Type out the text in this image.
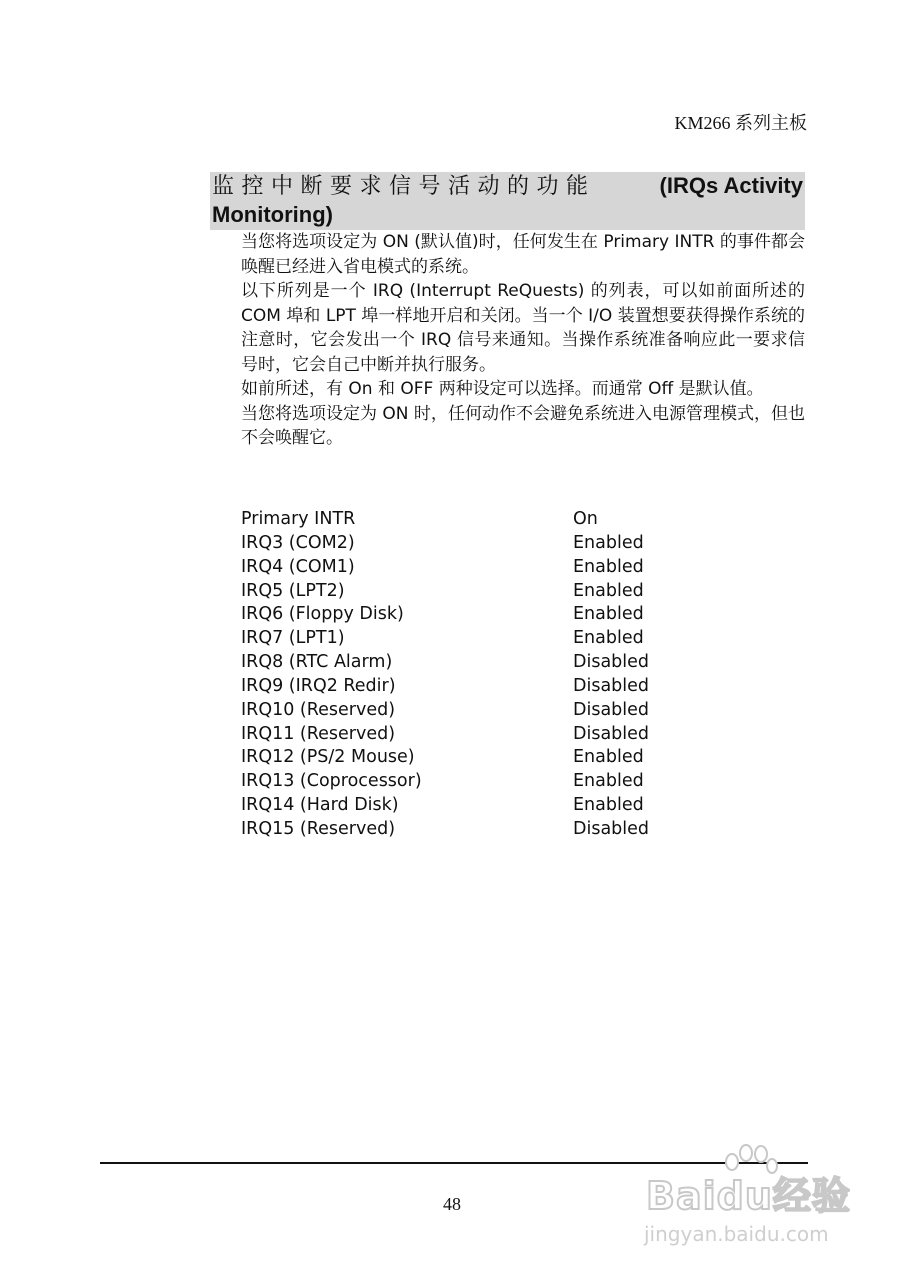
KM266 系列主板
监控中断要求信号活动的功能	(IRQs Activity
Monitoring)

当您将选项设定为 ON (默认值)时，任何发生在 Primary INTR 的事件都会唤醒已经进入省电模式的系统。

以下所列是一个 IRQ (Interrupt ReQuests) 的列表，可以如前面所述的 COM 埠和 LPT 埠一样地开启和关闭。当一个 I/O 装置想要获得操作系统的注意时，它会发出一个 IRQ 信号来通知。当操作系统准备响应此一要求信号时，它会自己中断并执行服务。

如前所述，有 On 和 OFF 两种设定可以选择。而通常 Off 是默认值。

当您将选项设定为 ON 时，任何动作不会避免系统进入电源管理模式，但也不会唤醒它。

Primary INTR	On
IRQ3 (COM2)	Enabled
IRQ4 (COM1)	Enabled
IRQ5 (LPT2)	Enabled
IRQ6 (Floppy Disk)	Enabled
IRQ7 (LPT1)	Enabled
IRQ8 (RTC Alarm)	Disabled
IRQ9 (IRQ2 Redir)	Disabled
IRQ10 (Reserved)	Disabled
IRQ11 (Reserved)	Disabled
IRQ12 (PS/2 Mouse)	Enabled
IRQ13 (Coprocessor)	Enabled
IRQ14 (Hard Disk)	Enabled
IRQ15 (Reserved)	Disabled
48	Baidu经验
jingyan.baidu.com
